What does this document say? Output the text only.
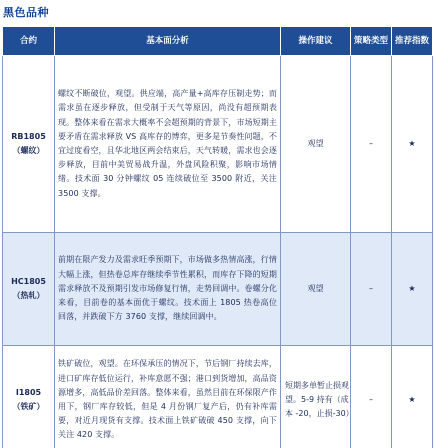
黑色品种
合约	基本面分析	操作建议	策略类型	推荐指数

RB1805
（螺纹）	螺纹不断破位，观望。供应端，高产量+高库存压制走势；而需求虽在逐步释放，但受制于天气等原因，尚没有超预期表现。整体来看在需求大概率不会超预期的背景下，市场短期主要矛盾在需求释放 VS 高库存的博弈，更多是节奏性问题，不宜过度看空，且华北地区两会结束后，天气转暖，需求也会逐步释放，目前中美贸易战升温，外盘风险积聚，影响市场情绪。技术面 30 分钟螺纹 05 连续破位至 3500 附近，关注 3500 支撑。	观望	–	★

HC1805
（热轧）	前期在限产发力及需求旺季预期下，市场做多热情高涨，行情大幅上涨，但热卷总库存继续季节性累积，而库存下降的短期需求释放不及预期引发市场修复行情，走势回调中。卷螺分化来看，目前卷的基本面优于螺纹。技术面上 1805 热卷高位回落，并跌破下方 3760 支撑，继续回调中。	观望	–	★

I1805
（铁矿）	铁矿破位，观望。在环保承压的情况下，节后钢厂持续去库，进口矿库存低位运行，补库意愿不强；港口到货增加，高品资源增多，高低品价差回落。整体来看，虽然目前在环保限产作用下，钢厂库存较低，但是 4 月份钢厂复产后，仍有补库需要，对近月现货有支撑。技术面上铁矿破破 450 支撑，向下关注 420 支撑。	短期多单暂止损观望。5-9 持有（成本 -20，止损-30）	–	★
